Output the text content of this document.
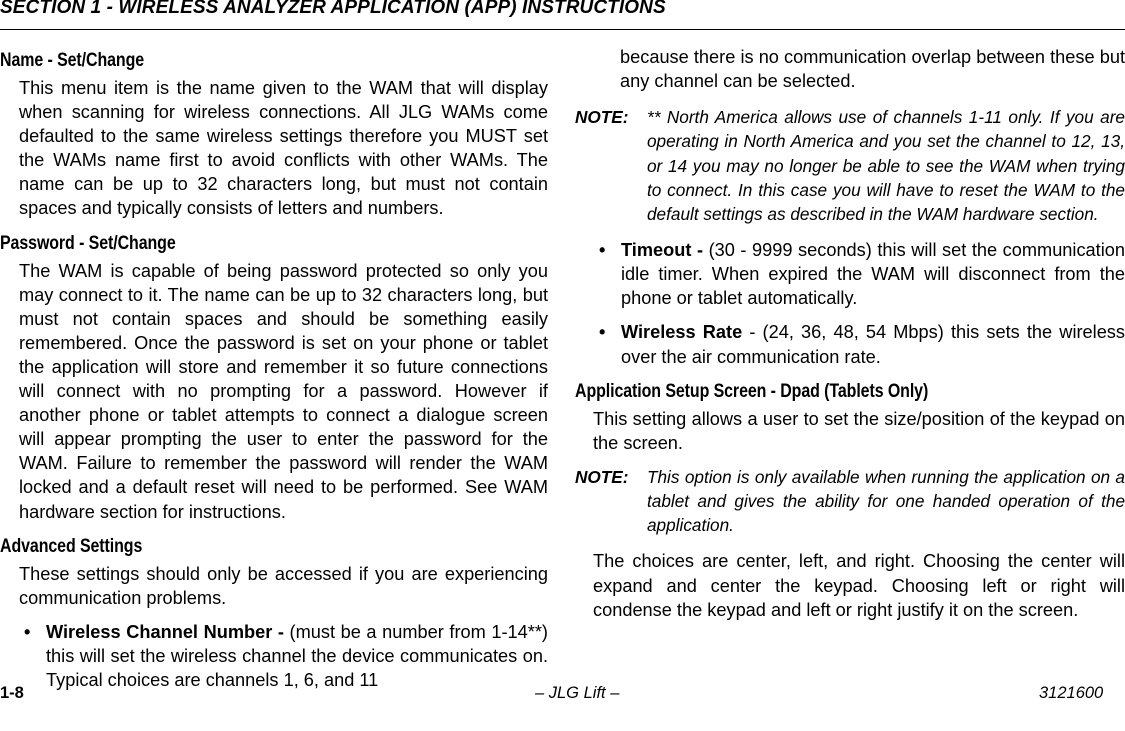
SECTION 1 - WIRELESS ANALYZER APPLICATION (APP) INSTRUCTIONS

Name - Set/Change

This menu item is the name given to the WAM that will display when scanning for wireless connections. All JLG WAMs come defaulted to the same wireless settings therefore you MUST set the WAMs name first to avoid conflicts with other WAMs. The name can be up to 32 characters long, but must not contain spaces and typically consists of letters and numbers.

Password - Set/Change

The WAM is capable of being password protected so only you may connect to it. The name can be up to 32 characters long, but must not contain spaces and should be something easily remembered. Once the password is set on your phone or tablet the application will store and remember it so future connections will connect with no prompting for a password. However if another phone or tablet attempts to connect a dialogue screen will appear prompting the user to enter the password for the WAM. Failure to remember the password will render the WAM locked and a default reset will need to be performed. See WAM hardware section for instructions.

Advanced Settings

These settings should only be accessed if you are experiencing communication problems.

• Wireless Channel Number - (must be a number from 1-14**) this will set the wireless channel the device communicates on. Typical choices are channels 1, 6, and 11

because there is no communication overlap between these but any channel can be selected.

NOTE: ** North America allows use of channels 1-11 only. If you are operating in North America and you set the channel to 12, 13, or 14 you may no longer be able to see the WAM when trying to connect. In this case you will have to reset the WAM to the default settings as described in the WAM hardware section.

• Timeout - (30 - 9999 seconds) this will set the communication idle timer. When expired the WAM will disconnect from the phone or tablet automatically.

• Wireless Rate - (24, 36, 48, 54 Mbps) this sets the wireless over the air communication rate.

Application Setup Screen - Dpad (Tablets Only)

This setting allows a user to set the size/position of the keypad on the screen.

NOTE: This option is only available when running the application on a tablet and gives the ability for one handed operation of the application.

The choices are center, left, and right. Choosing the center will expand and center the keypad. Choosing left or right will condense the keypad and left or right justify it on the screen.

1-8	– JLG Lift –	3121600
